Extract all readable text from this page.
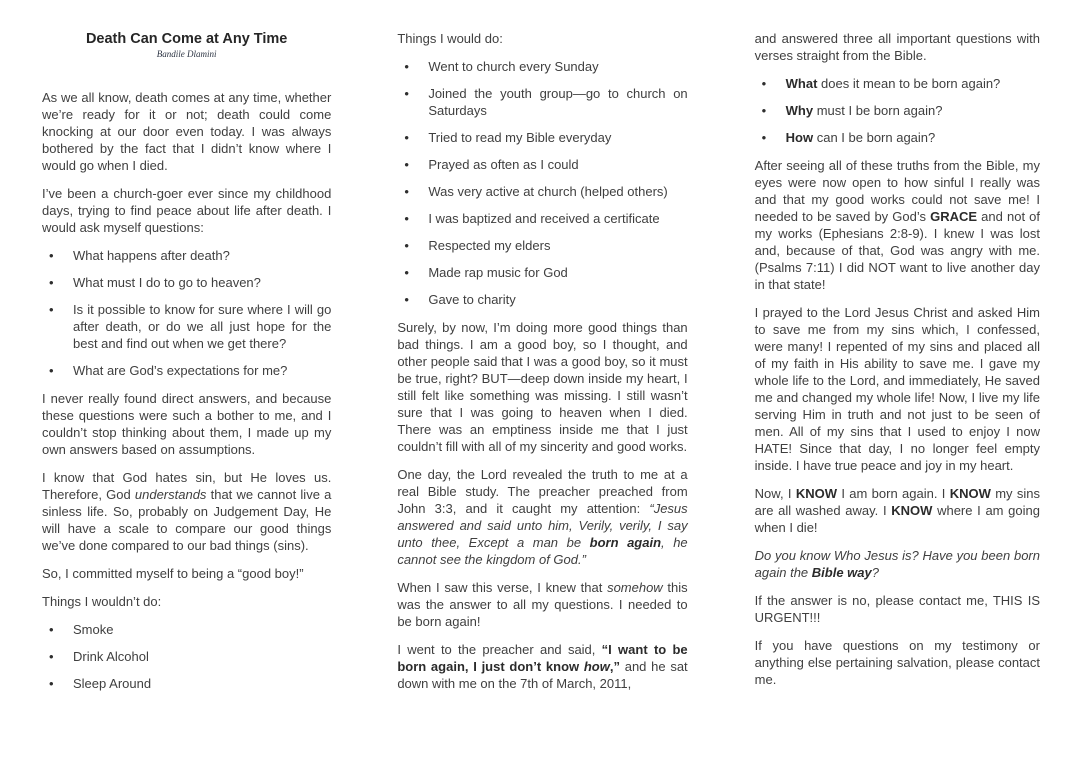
Death Can Come at Any Time
Bandile Dlamini

As we all know, death comes at any time, whether we’re ready for it or not; death could come knocking at our door even today. I was always bothered by the fact that I didn’t know where I would go when I died.

I’ve been a church-goer ever since my childhood days, trying to find peace about life after death. I would ask myself questions:

• What happens after death?
• What must I do to go to heaven?
• Is it possible to know for sure where I will go after death, or do we all just hope for the best and find out when we get there?
• What are God’s expectations for me?

I never really found direct answers, and because these questions were such a bother to me, and I couldn’t stop thinking about them, I made up my own answers based on assumptions.

I know that God hates sin, but He loves us. Therefore, God understands that we cannot live a sinless life. So, probably on Judgement Day, He will have a scale to compare our good things we’ve done compared to our bad things (sins).

So, I committed myself to being a “good boy!”

Things I wouldn’t do:

• Smoke
• Drink Alcohol
• Sleep Around

Things I would do:

• Went to church every Sunday
• Joined the youth group—go to church on Saturdays
• Tried to read my Bible everyday
• Prayed as often as I could
• Was very active at church (helped others)
• I was baptized and received a certificate
• Respected my elders
• Made rap music for God
• Gave to charity

Surely, by now, I’m doing more good things than bad things. I am a good boy, so I thought, and other people said that I was a good boy, so it must be true, right? BUT—deep down inside my heart, I still felt like something was missing. I still wasn’t sure that I was going to heaven when I died. There was an emptiness inside me that I just couldn’t fill with all of my sincerity and good works.

One day, the Lord revealed the truth to me at a real Bible study. The preacher preached from John 3:3, and it caught my attention: “Jesus answered and said unto him, Verily, verily, I say unto thee, Except a man be born again, he cannot see the kingdom of God.”

When I saw this verse, I knew that somehow this was the answer to all my questions. I needed to be born again!

I went to the preacher and said, “I want to be born again, I just don’t know how,” and he sat down with me on the 7th of March, 2011,

and answered three all important questions with verses straight from the Bible.

• What does it mean to be born again?
• Why must I be born again?
• How can I be born again?

After seeing all of these truths from the Bible, my eyes were now open to how sinful I really was and that my good works could not save me! I needed to be saved by God’s GRACE and not of my works (Ephesians 2:8-9). I knew I was lost and, because of that, God was angry with me. (Psalms 7:11) I did NOT want to live another day in that state!

I prayed to the Lord Jesus Christ and asked Him to save me from my sins which, I confessed, were many! I repented of my sins and placed all of my faith in His ability to save me. I gave my whole life to the Lord, and immediately, He saved me and changed my whole life! Now, I live my life serving Him in truth and not just to be seen of men. All of my sins that I used to enjoy I now HATE! Since that day, I no longer feel empty inside. I have true peace and joy in my heart.

Now, I KNOW I am born again. I KNOW my sins are all washed away. I KNOW where I am going when I die!

Do you know Who Jesus is? Have you been born again the Bible way?

If the answer is no, please contact me, THIS IS URGENT!!!

If you have questions on my testimony or anything else pertaining salvation, please contact me.
